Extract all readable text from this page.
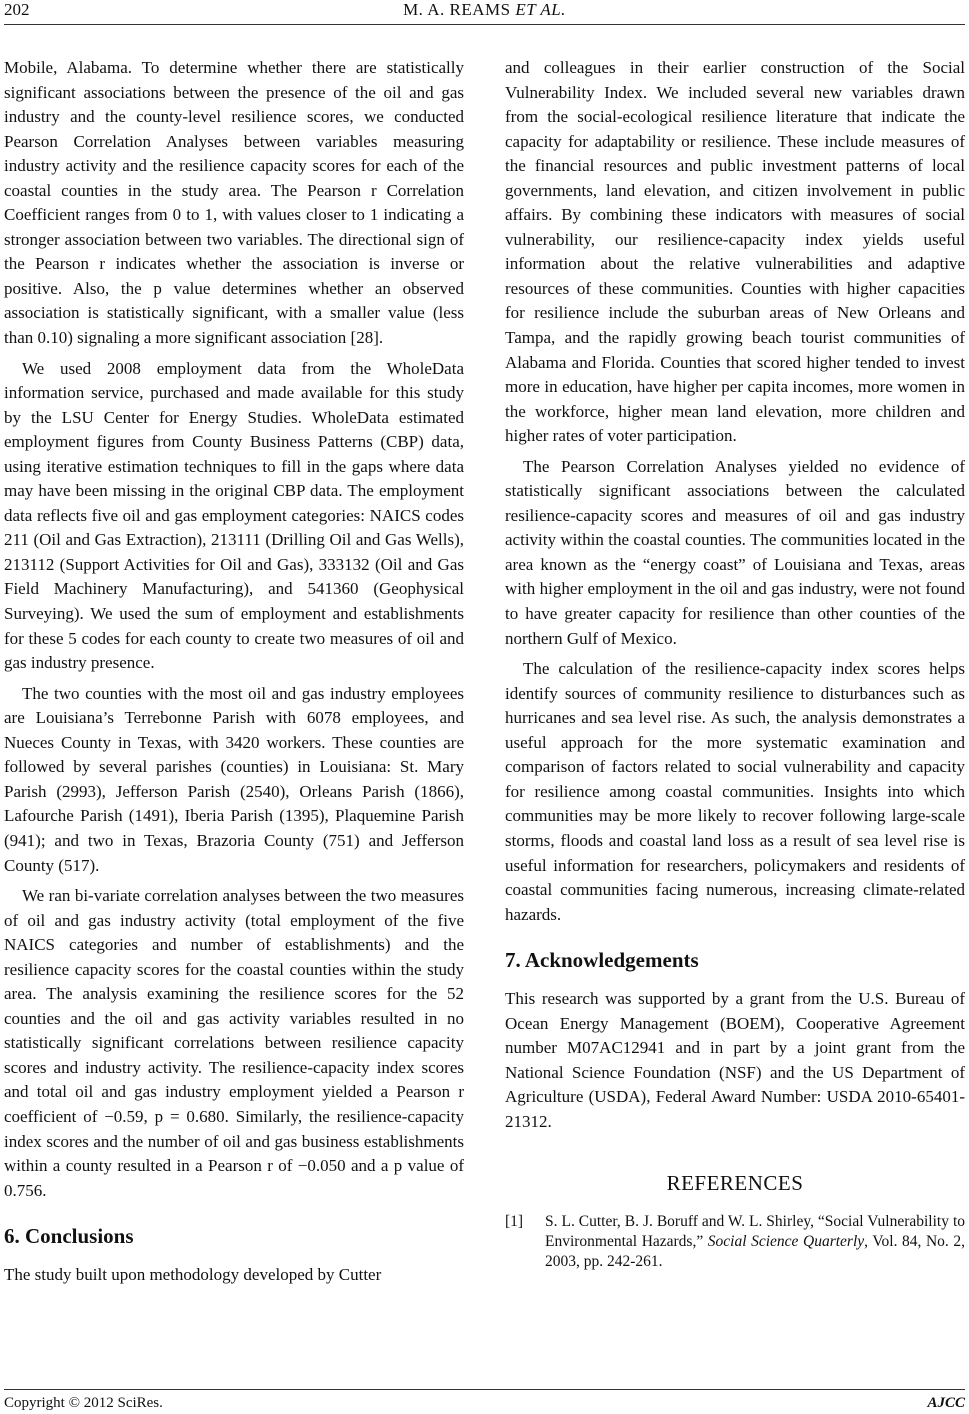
202	M. A. REAMS ET AL.

Mobile, Alabama. To determine whether there are statistically significant associations between the presence of the oil and gas industry and the county-level resilience scores, we conducted Pearson Correlation Analyses between variables measuring industry activity and the resilience capacity scores for each of the coastal counties in the study area. The Pearson r Correlation Coefficient ranges from 0 to 1, with values closer to 1 indicating a stronger association between two variables. The directional sign of the Pearson r indicates whether the association is inverse or positive. Also, the p value determines whether an observed association is statistically significant, with a smaller value (less than 0.10) signaling a more significant association [28].

We used 2008 employment data from the WholeData information service, purchased and made available for this study by the LSU Center for Energy Studies. WholeData estimated employment figures from County Business Patterns (CBP) data, using iterative estimation techniques to fill in the gaps where data may have been missing in the original CBP data. The employment data reflects five oil and gas employment categories: NAICS codes 211 (Oil and Gas Extraction), 213111 (Drilling Oil and Gas Wells), 213112 (Support Activities for Oil and Gas), 333132 (Oil and Gas Field Machinery Manufacturing), and 541360 (Geophysical Surveying). We used the sum of employment and establishments for these 5 codes for each county to create two measures of oil and gas industry presence.

The two counties with the most oil and gas industry employees are Louisiana’s Terrebonne Parish with 6078 employees, and Nueces County in Texas, with 3420 workers. These counties are followed by several parishes (counties) in Louisiana: St. Mary Parish (2993), Jefferson Parish (2540), Orleans Parish (1866), Lafourche Parish (1491), Iberia Parish (1395), Plaquemine Parish (941); and two in Texas, Brazoria County (751) and Jefferson County (517).

We ran bi-variate correlation analyses between the two measures of oil and gas industry activity (total employment of the five NAICS categories and number of establishments) and the resilience capacity scores for the coastal counties within the study area. The analysis examining the resilience scores for the 52 counties and the oil and gas activity variables resulted in no statistically significant correlations between resilience capacity scores and industry activity. The resilience-capacity index scores and total oil and gas industry employment yielded a Pearson r coefficient of −0.59, p = 0.680. Similarly, the resilience-capacity index scores and the number of oil and gas business establishments within a county resulted in a Pearson r of −0.050 and a p value of 0.756.

6. Conclusions

The study built upon methodology developed by Cutter

and colleagues in their earlier construction of the Social Vulnerability Index. We included several new variables drawn from the social-ecological resilience literature that indicate the capacity for adaptability or resilience. These include measures of the financial resources and public investment patterns of local governments, land elevation, and citizen involvement in public affairs. By combining these indicators with measures of social vulnerability, our resilience-capacity index yields useful information about the relative vulnerabilities and adaptive resources of these communities. Counties with higher capacities for resilience include the suburban areas of New Orleans and Tampa, and the rapidly growing beach tourist communities of Alabama and Florida. Counties that scored higher tended to invest more in education, have higher per capita incomes, more women in the workforce, higher mean land elevation, more children and higher rates of voter participation.

The Pearson Correlation Analyses yielded no evidence of statistically significant associations between the calculated resilience-capacity scores and measures of oil and gas industry activity within the coastal counties. The communities located in the area known as the “energy coast” of Louisiana and Texas, areas with higher employment in the oil and gas industry, were not found to have greater capacity for resilience than other counties of the northern Gulf of Mexico.

The calculation of the resilience-capacity index scores helps identify sources of community resilience to disturbances such as hurricanes and sea level rise. As such, the analysis demonstrates a useful approach for the more systematic examination and comparison of factors related to social vulnerability and capacity for resilience among coastal communities. Insights into which communities may be more likely to recover following large-scale storms, floods and coastal land loss as a result of sea level rise is useful information for researchers, policymakers and residents of coastal communities facing numerous, increasing climate-related hazards.

7. Acknowledgements

This research was supported by a grant from the U.S. Bureau of Ocean Energy Management (BOEM), Cooperative Agreement number M07AC12941 and in part by a joint grant from the National Science Foundation (NSF) and the US Department of Agriculture (USDA), Federal Award Number: USDA 2010-65401-21312.

REFERENCES
[1]	S. L. Cutter, B. J. Boruff and W. L. Shirley, “Social Vulnerability to Environmental Hazards,” Social Science Quarterly, Vol. 84, No. 2, 2003, pp. 242-261.
Copyright © 2012 SciRes.	AJCC
